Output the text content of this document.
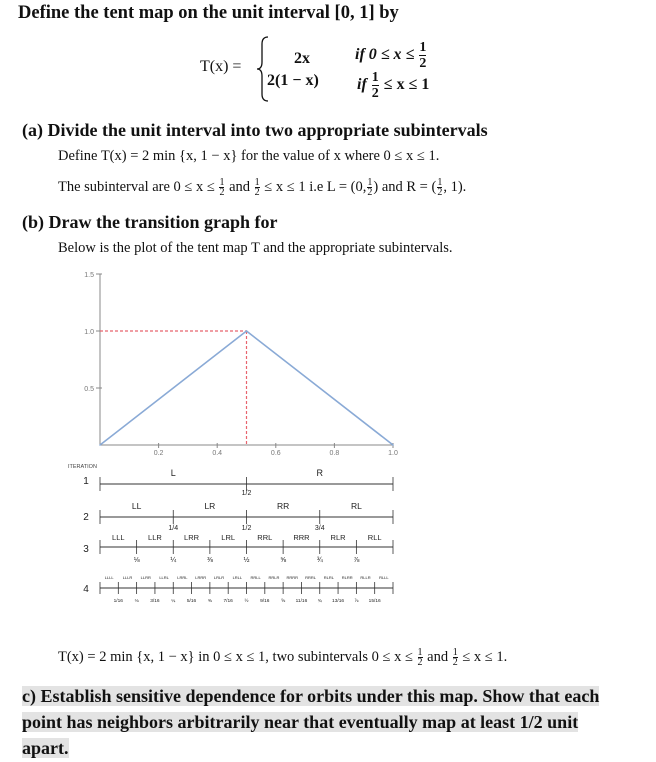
Define the tent map on the unit interval [0, 1] by
T(x) =	2x
2(1 − x)
if $0 \le x \le \frac{1}{2}$
if $\frac{1}{2} \le x \le 1$
(a) Divide the unit interval into two appropriate subintervals
Define T(x) = 2 min {x, 1 − x} for the value of x where 0 ≤ x ≤ 1.
The subinterval are $0 \le x \le \frac{1}{2}$ and $\frac{1}{2} \le x \le 1$ i.e L = (0, $\frac{1}{2}$ ) and R = ( $\frac{1}{2}$ , 1).
(b) Draw the transition graph for
Below is the plot of the tent map T and the appropriate subintervals.
0.5
1.0
1.5
0.2	0.4	0.6	0.8	1.0
ITERATION
1
L	R
1/2
2
LL	LR	RR	RL
1/4	1/2	3/4
3
LLL	LLR	LRR	LRL	RRL	RRR	RLR	RLL
⅛	¼	⅜	½	⅝	¾	⅞
4
LLLL LLLR LLRR LLRL LRRL LRRR LRLR LRLL RRLL RRLR RRRR RRRL RLRL RLRR RLLR RLLL
1/16 ⅛ 3/16 ¼ 5/16 ⅜ 7/16 ½ 9/16 ⅝ 11/16 ¾ 13/16 ⅞ 15/16
T(x) = 2 min {x, 1 − x} in 0 ≤ x ≤ 1, two subintervals $0 \le x \le \frac{1}{2}$ and $\frac{1}{2} \le x \le 1$.
c) Establish sensitive dependence for orbits under this map. Show that each
point has neighbors arbitrarily near that eventually map at least 1/2 unit
apart.
